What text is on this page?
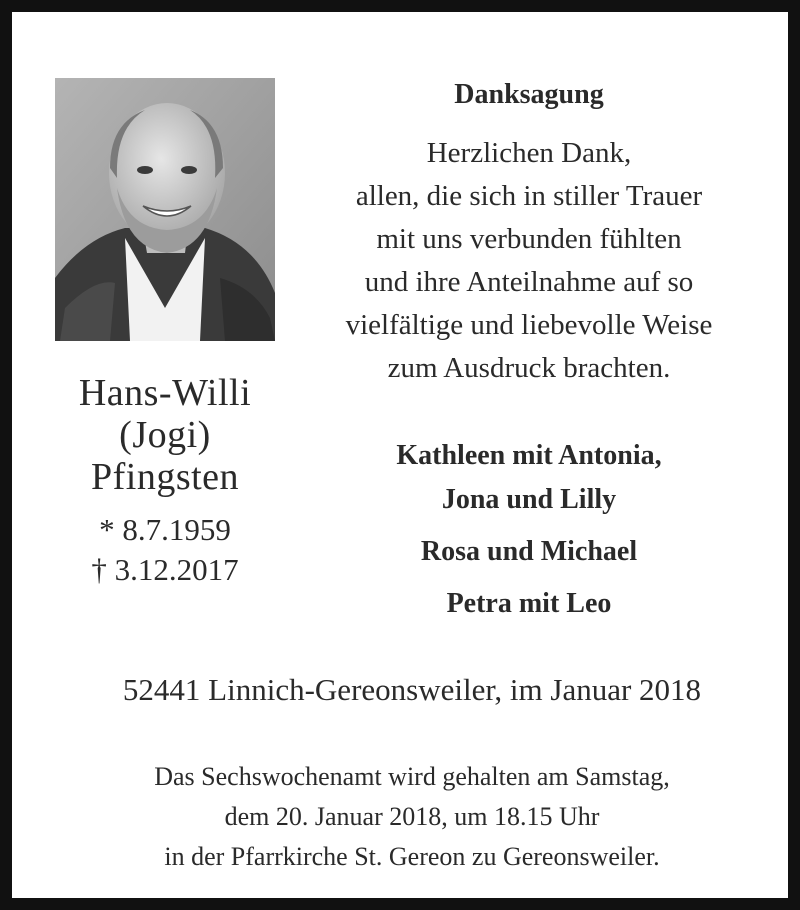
Hans-Willi
(Jogi)
Pfingsten
* 8.7.1959
† 3.12.2017
Danksagung
Herzlichen Dank,
allen, die sich in stiller Trauer
mit uns verbunden fühlten
und ihre Anteilnahme auf so
vielfältige und liebevolle Weise
zum Ausdruck brachten.
Kathleen mit Antonia,
Jona und Lilly
Rosa und Michael
Petra mit Leo
52441 Linnich-Gereonsweiler, im Januar 2018
Das Sechswochenamt wird gehalten am Samstag,
dem 20. Januar 2018, um 18.15 Uhr
in der Pfarrkirche St. Gereon zu Gereonsweiler.
